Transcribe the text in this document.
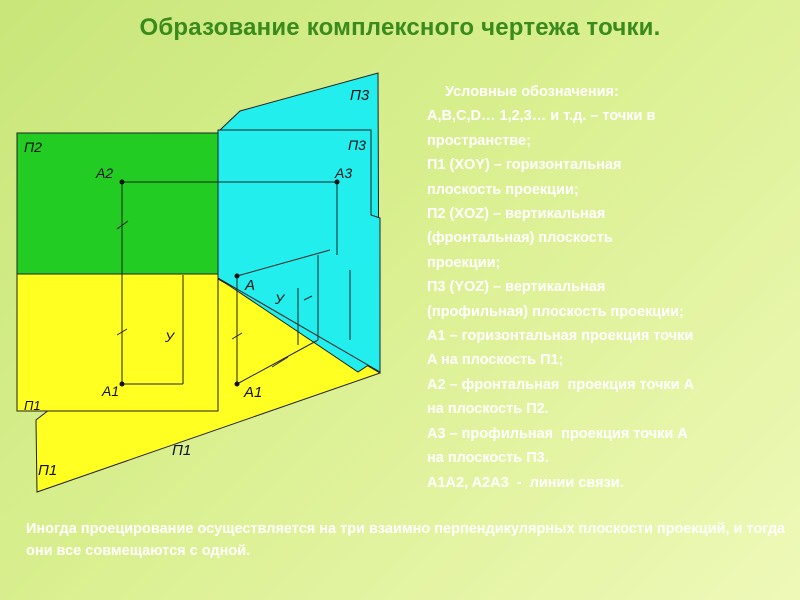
Образование комплексного чертежа точки.
П2
П3
П3
A2	A3
A
У
У
A1	A1
П1
П1
П1
Условные обозначения:
A,B,C,D… 1,2,3… и т.д. – точки в
пространстве;
П1 (XOY) – горизонтальная
плоскость проекции;
П2 (XOZ) – вертикальная
(фронтальная) плоскость
проекции;
П3 (YOZ) – вертикальная
(профильная) плоскость проекции;
A1 – горизонтальная проекция точки
A на плоскость П1;
A2 – фронтальная  проекция точки A
на плоскость П2.
A3 – профильная  проекция точки A
на плоскость П3.
A1A2, A2A3  -  линии связи.
Иногда проецирование осуществляется на три взаимно перпендикулярных плоскости проекций, и тогда они все совмещаются с одной.
